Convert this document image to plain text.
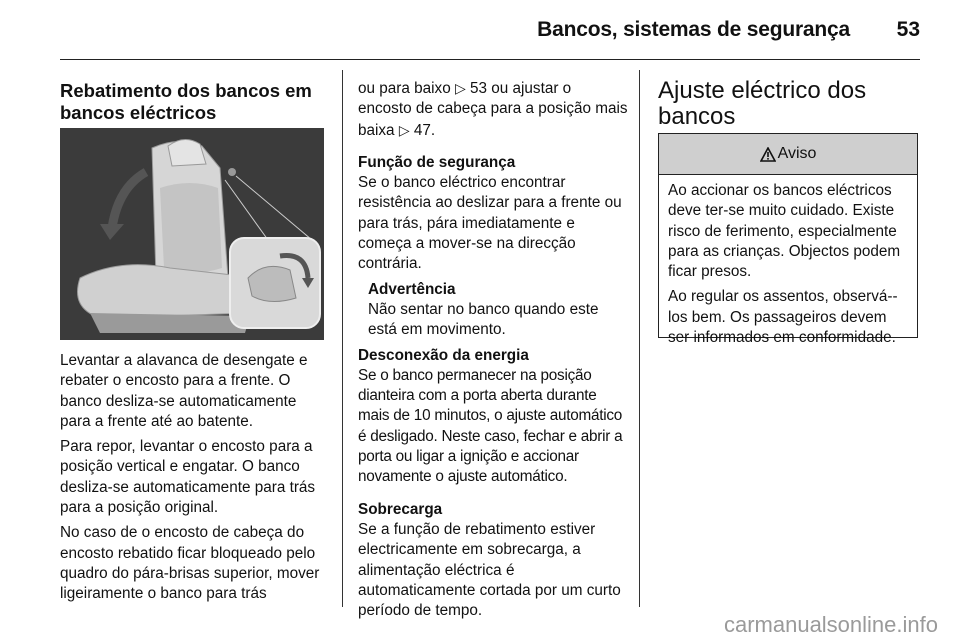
Bancos, sistemas de segurança	53
Rebatimento dos bancos em bancos eléctricos

Levantar a alavanca de desengate e rebater o encosto para a frente. O banco desliza-se automaticamente para a frente até ao batente.

Para repor, levantar o encosto para a posição vertical e engatar. O banco desliza-se automaticamente para trás para a posição original.

No caso de o encosto de cabeça do encosto rebatido ficar bloqueado pelo quadro do pára-brisas superior, mover ligeiramente o banco para trás

ou para baixo ▷ 53 ou ajustar o encosto de cabeça para a posição mais baixa ▷ 47.

Função de segurança

Se o banco eléctrico encontrar resistência ao deslizar para a frente ou para trás, pára imediatamente e começa a mover-se na direcção contrária.

Advertência

Não sentar no banco quando este está em movimento.

Desconexão da energia

Se o banco permanecer na posição dianteira com a porta aberta durante mais de 10 minutos, o ajuste automático é desligado. Neste caso, fechar e abrir a porta ou ligar a ignição e accionar novamente o ajuste automático.

Sobrecarga

Se a função de rebatimento estiver electricamente em sobrecarga, a alimentação eléctrica é automaticamente cortada por um curto período de tempo.

Ajuste eléctrico dos bancos
Aviso

Ao accionar os bancos eléctricos deve ter-se muito cuidado. Existe risco de ferimento, especialmente para as crianças. Objectos podem ficar presos.

Ao regular os assentos, observá--los bem. Os passageiros devem ser informados em conformidade.

carmanualsonline.info
